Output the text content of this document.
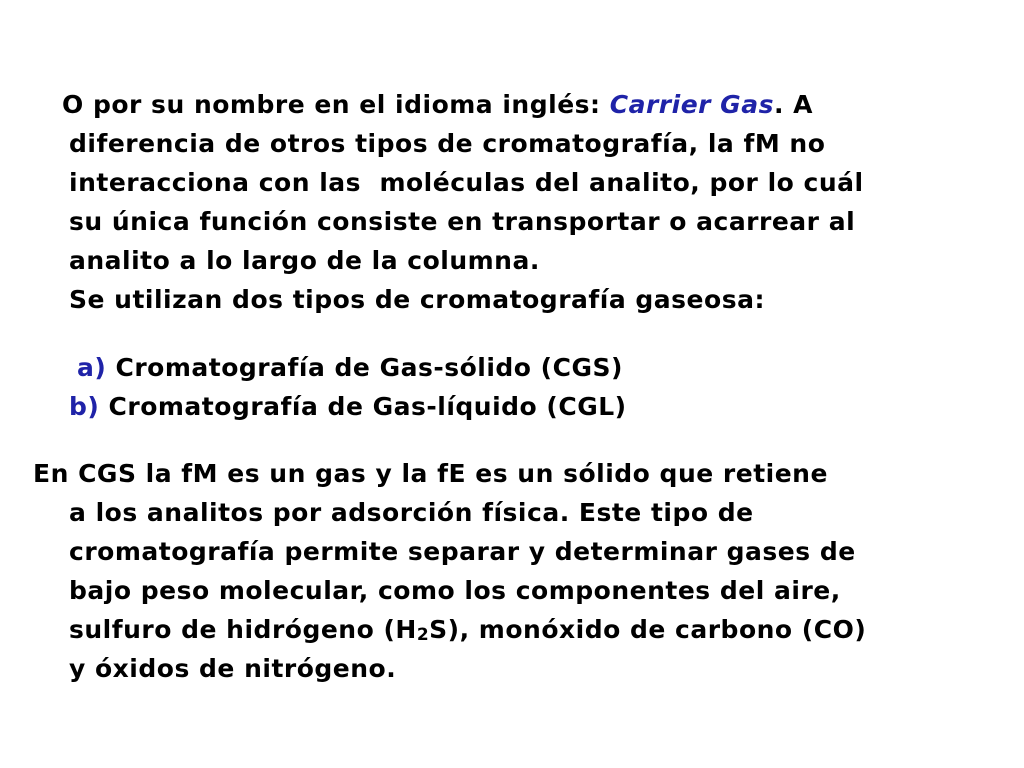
O por su nombre en el idioma inglés: Carrier Gas. A
diferencia de otros tipos de cromatografía, la fM no
interacciona con las  moléculas del analito, por lo cuál
su única función consiste en transportar o acarrear al
analito a lo largo de la columna.
Se utilizan dos tipos de cromatografía gaseosa:
a) Cromatografía de Gas-sólido (CGS)
b) Cromatografía de Gas-líquido (CGL)
En CGS la fM es un gas y la fE es un sólido que retiene
a los analitos por adsorción física. Este tipo de
cromatografía permite separar y determinar gases de
bajo peso molecular, como los componentes del aire,
sulfuro de hidrógeno $(H_2S)$, monóxido de carbono (CO)
y óxidos de nitrógeno.
